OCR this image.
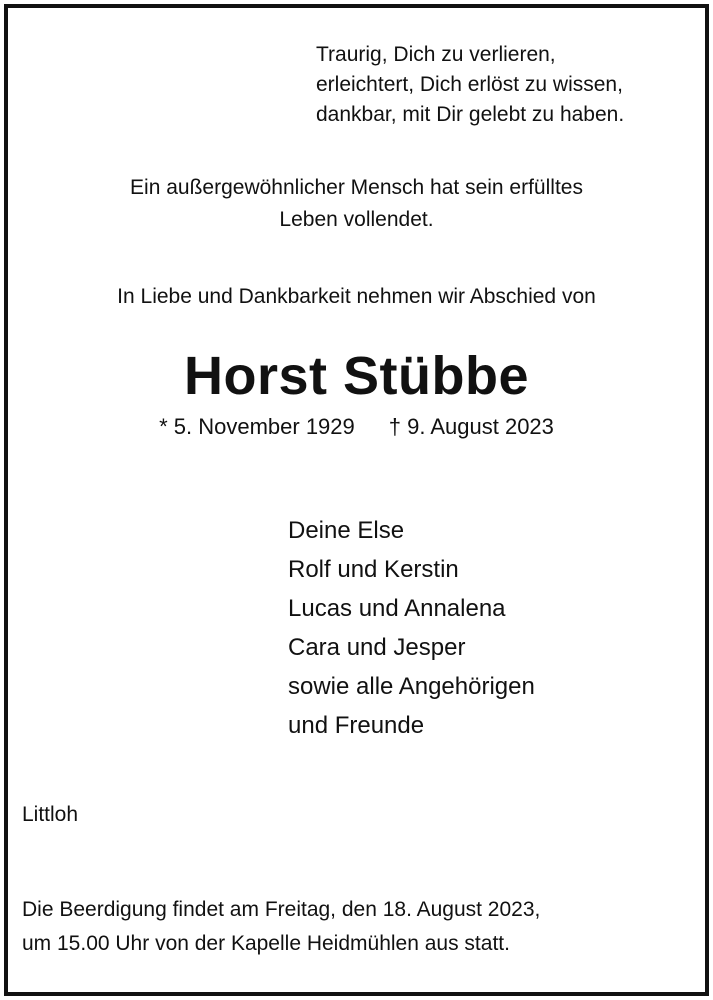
Traurig, Dich zu verlieren,
erleichtert, Dich erlöst zu wissen,
dankbar, mit Dir gelebt zu haben.
Ein außergewöhnlicher Mensch hat sein erfülltes
Leben vollendet.
In Liebe und Dankbarkeit nehmen wir Abschied von
Horst Stübbe
* 5. November 1929 † 9. August 2023
Deine Else
Rolf und Kerstin
Lucas und Annalena
Cara und Jesper
sowie alle Angehörigen
und Freunde
Littloh
Die Beerdigung findet am Freitag, den 18. August 2023,
um 15.00 Uhr von der Kapelle Heidmühlen aus statt.
